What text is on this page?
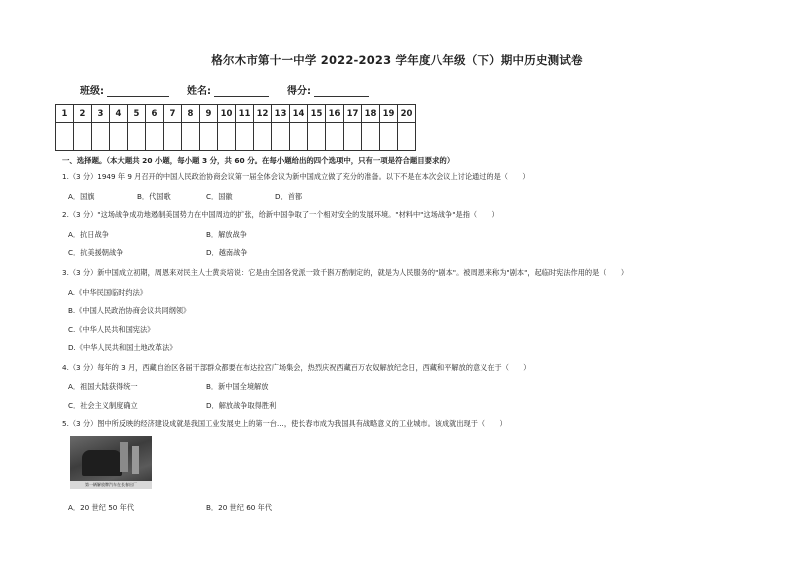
格尔木市第十一中学 2022-2023 学年度八年级（下）期中历史测试卷
班级:	姓名:	得分:
1	2	3	4	5	6	7	8	9	10	11	12	13	14	15	16	17	18	19	20

一、选择题。（本大题共 20 小题，每小题 3 分，共 60 分。在每小题给出的四个选项中，只有一项是符合题目要求的）
1.（3 分）1949 年 9 月召开的中国人民政治协商会议第一届全体会议为新中国成立做了充分的准备。以下不是在本次会议上讨论通过的是（　　）
A．国旗	B．代国歌	C．国徽	D．首都
2.（3 分）"这场战争成功地遏制美国势力在中国周边的扩张，给新中国争取了一个相对安全的发展环境。"材料中"这场战争"是指（　　）
A．抗日战争	B．解放战争
C．抗美援朝战争	D．越南战争
3.（3 分）新中国成立初期，周恩来对民主人士黄炎培说：它是由全国各党派一致千斟万酌制定的，就是为人民服务的"剧本"。被周恩来称为"剧本"，起临时宪法作用的是（　　）
A.《中华民国临时约法》
B.《中国人民政治协商会议共同纲领》
C.《中华人民共和国宪法》
D.《中华人民共和国土地改革法》
4.（3 分）每年的 3 月，西藏自治区各届干部群众都要在布达拉宫广场集会，热烈庆祝西藏百万农奴解放纪念日，西藏和平解放的意义在于（　　）
A．祖国大陆获得统一	B．新中国全境解放
C．社会主义制度确立	D．解放战争取得胜利
5.（3 分）图中所反映的经济建设成就是我国工业发展史上的第一台...，使长春市成为我国具有战略意义的工业城市。该成就出现于（　　）
第一辆解放牌汽车在长春出厂
A．20 世纪 50 年代	B．20 世纪 60 年代
